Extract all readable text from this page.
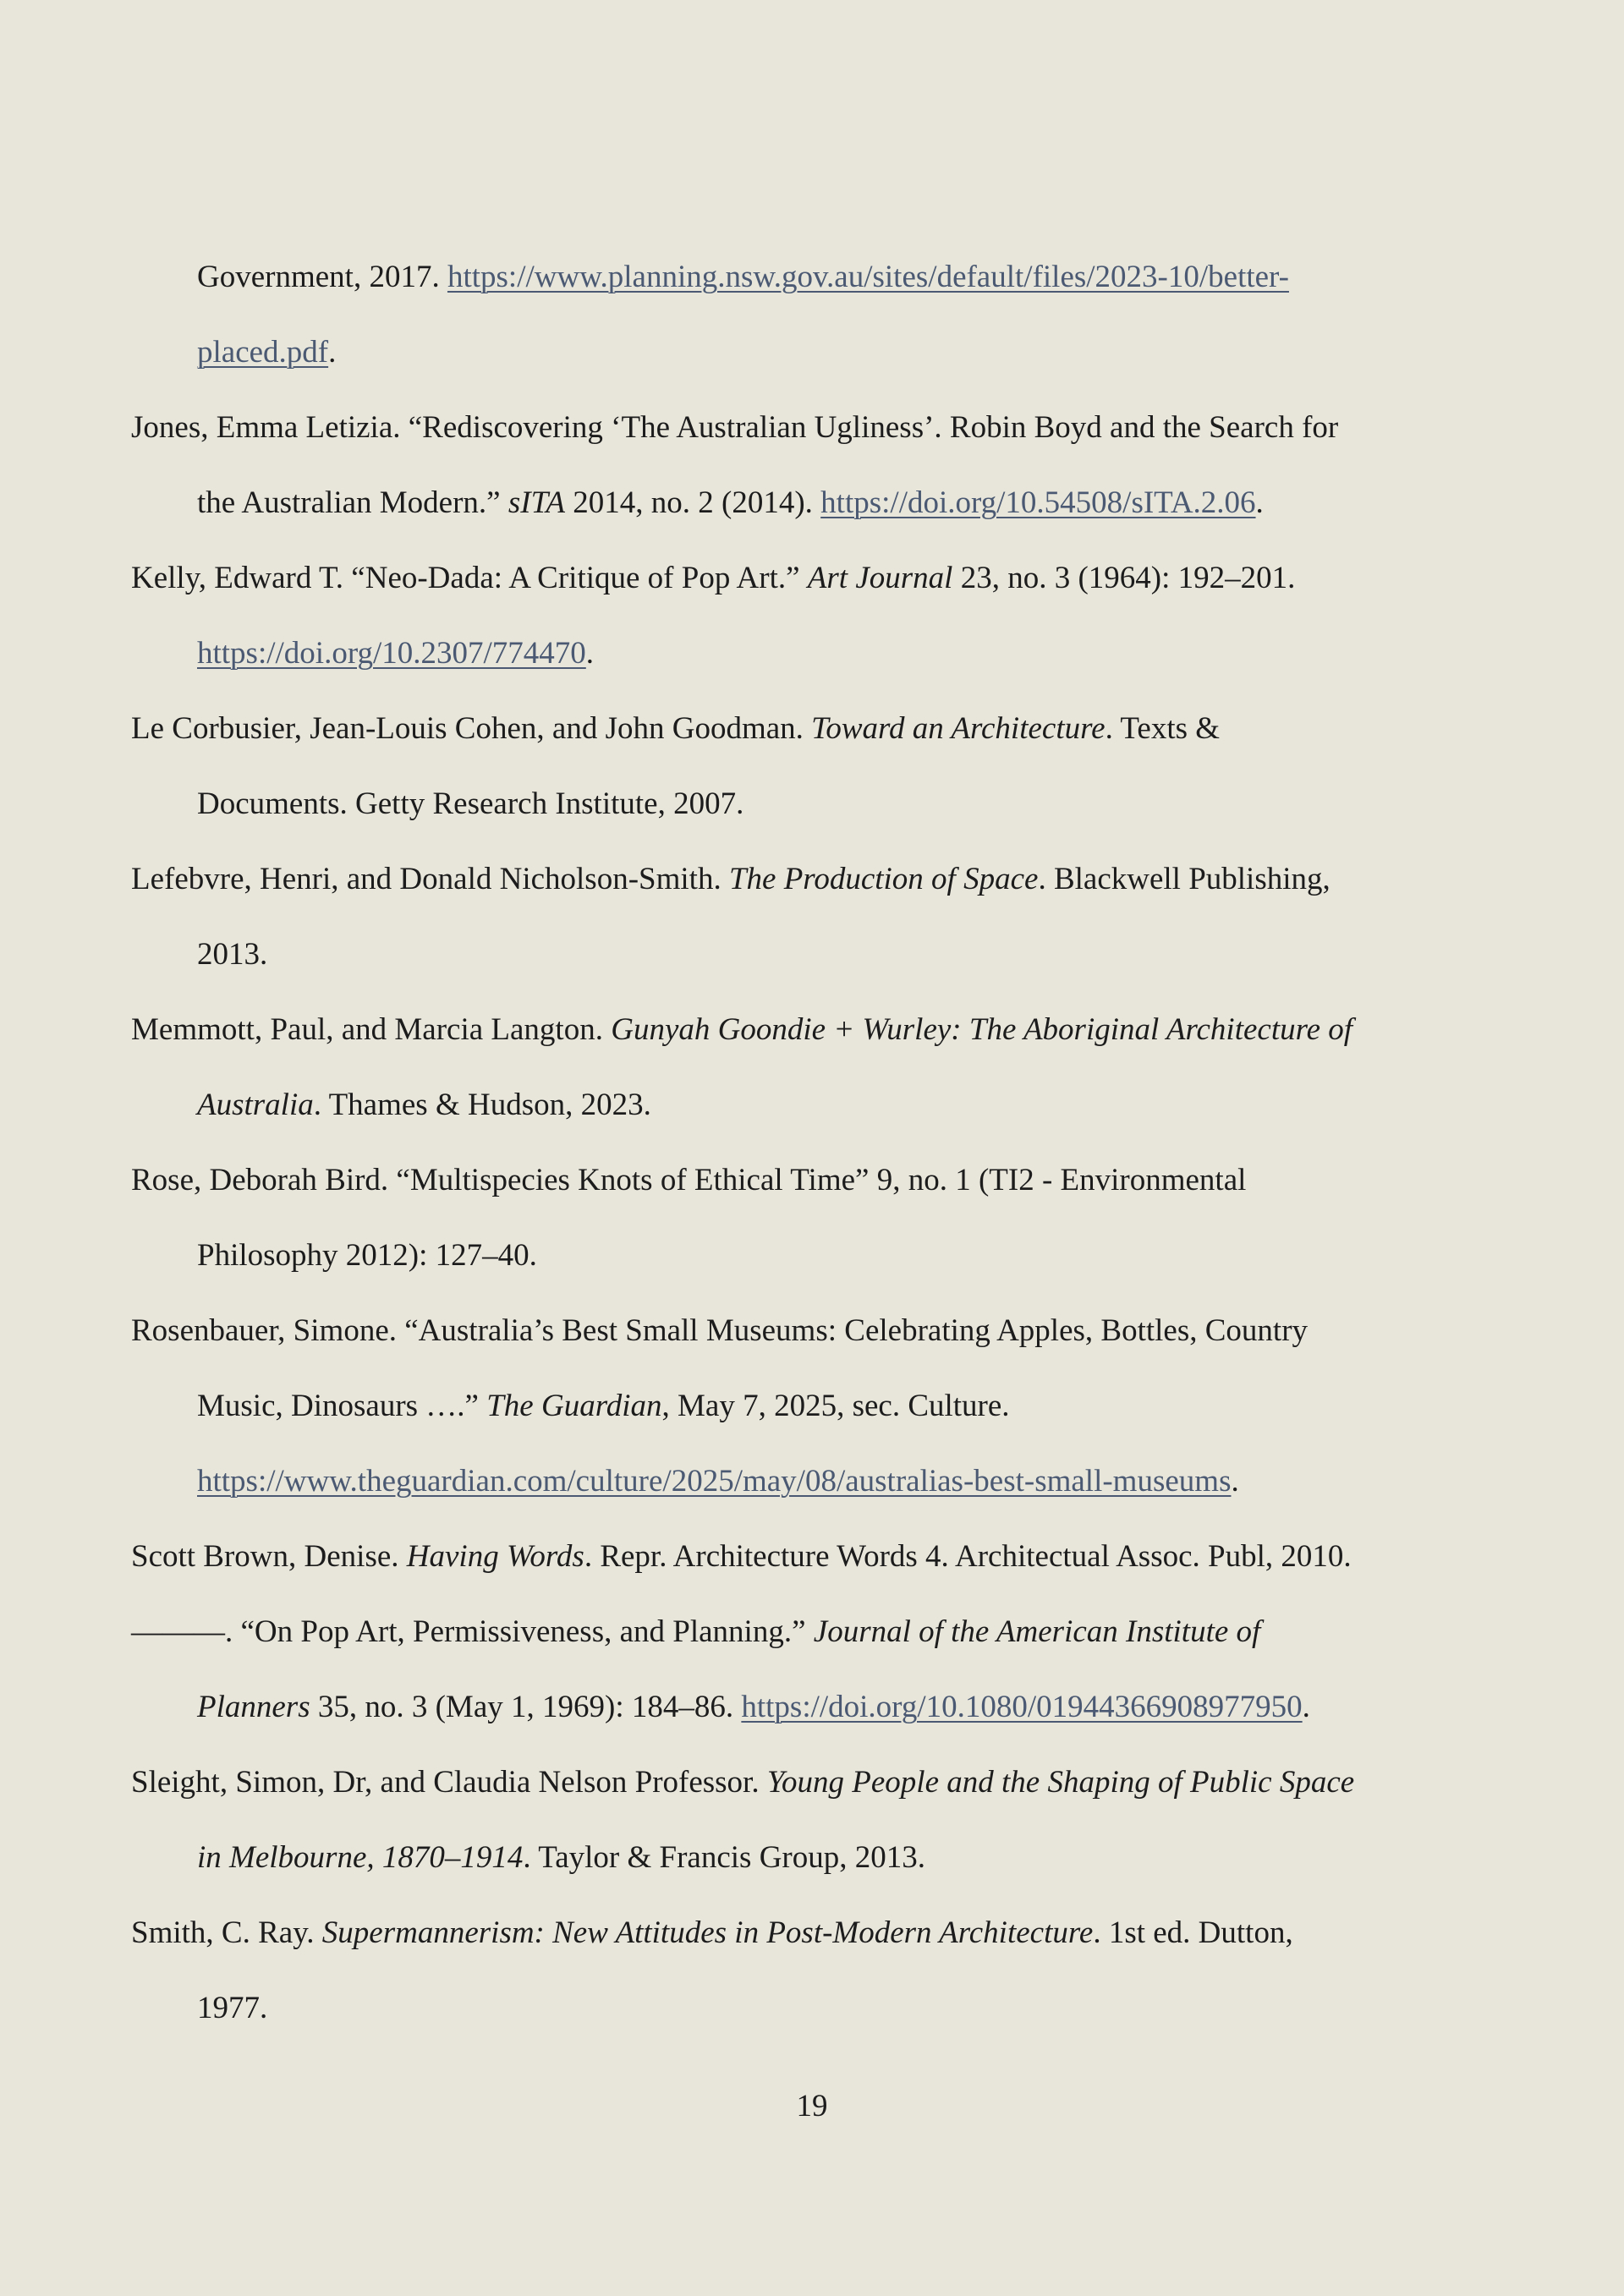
Government, 2017. https://www.planning.nsw.gov.au/sites/default/files/2023-10/better-
placed.pdf.

Jones, Emma Letizia. “Rediscovering ‘The Australian Ugliness’. Robin Boyd and the Search for
the Australian Modern.” sITA 2014, no. 2 (2014). https://doi.org/10.54508/sITA.2.06.

Kelly, Edward T. “Neo-Dada: A Critique of Pop Art.” Art Journal 23, no. 3 (1964): 192–201.
https://doi.org/10.2307/774470.

Le Corbusier, Jean-Louis Cohen, and John Goodman. Toward an Architecture. Texts &
Documents. Getty Research Institute, 2007.

Lefebvre, Henri, and Donald Nicholson-Smith. The Production of Space. Blackwell Publishing,
2013.

Memmott, Paul, and Marcia Langton. Gunyah Goondie + Wurley: The Aboriginal Architecture of
Australia. Thames & Hudson, 2023.

Rose, Deborah Bird. “Multispecies Knots of Ethical Time” 9, no. 1 (TI2 - Environmental
Philosophy 2012): 127–40.

Rosenbauer, Simone. “Australia’s Best Small Museums: Celebrating Apples, Bottles, Country
Music, Dinosaurs ….” The Guardian, May 7, 2025, sec. Culture.
https://www.theguardian.com/culture/2025/may/08/australias-best-small-museums.

Scott Brown, Denise. Having Words. Repr. Architecture Words 4. Architectual Assoc. Publ, 2010.

———. “On Pop Art, Permissiveness, and Planning.” Journal of the American Institute of
Planners 35, no. 3 (May 1, 1969): 184–86. https://doi.org/10.1080/01944366908977950.

Sleight, Simon, Dr, and Claudia Nelson Professor. Young People and the Shaping of Public Space
in Melbourne, 1870–1914. Taylor & Francis Group, 2013.

Smith, C. Ray. Supermannerism: New Attitudes in Post-Modern Architecture. 1st ed. Dutton,
1977.

19
